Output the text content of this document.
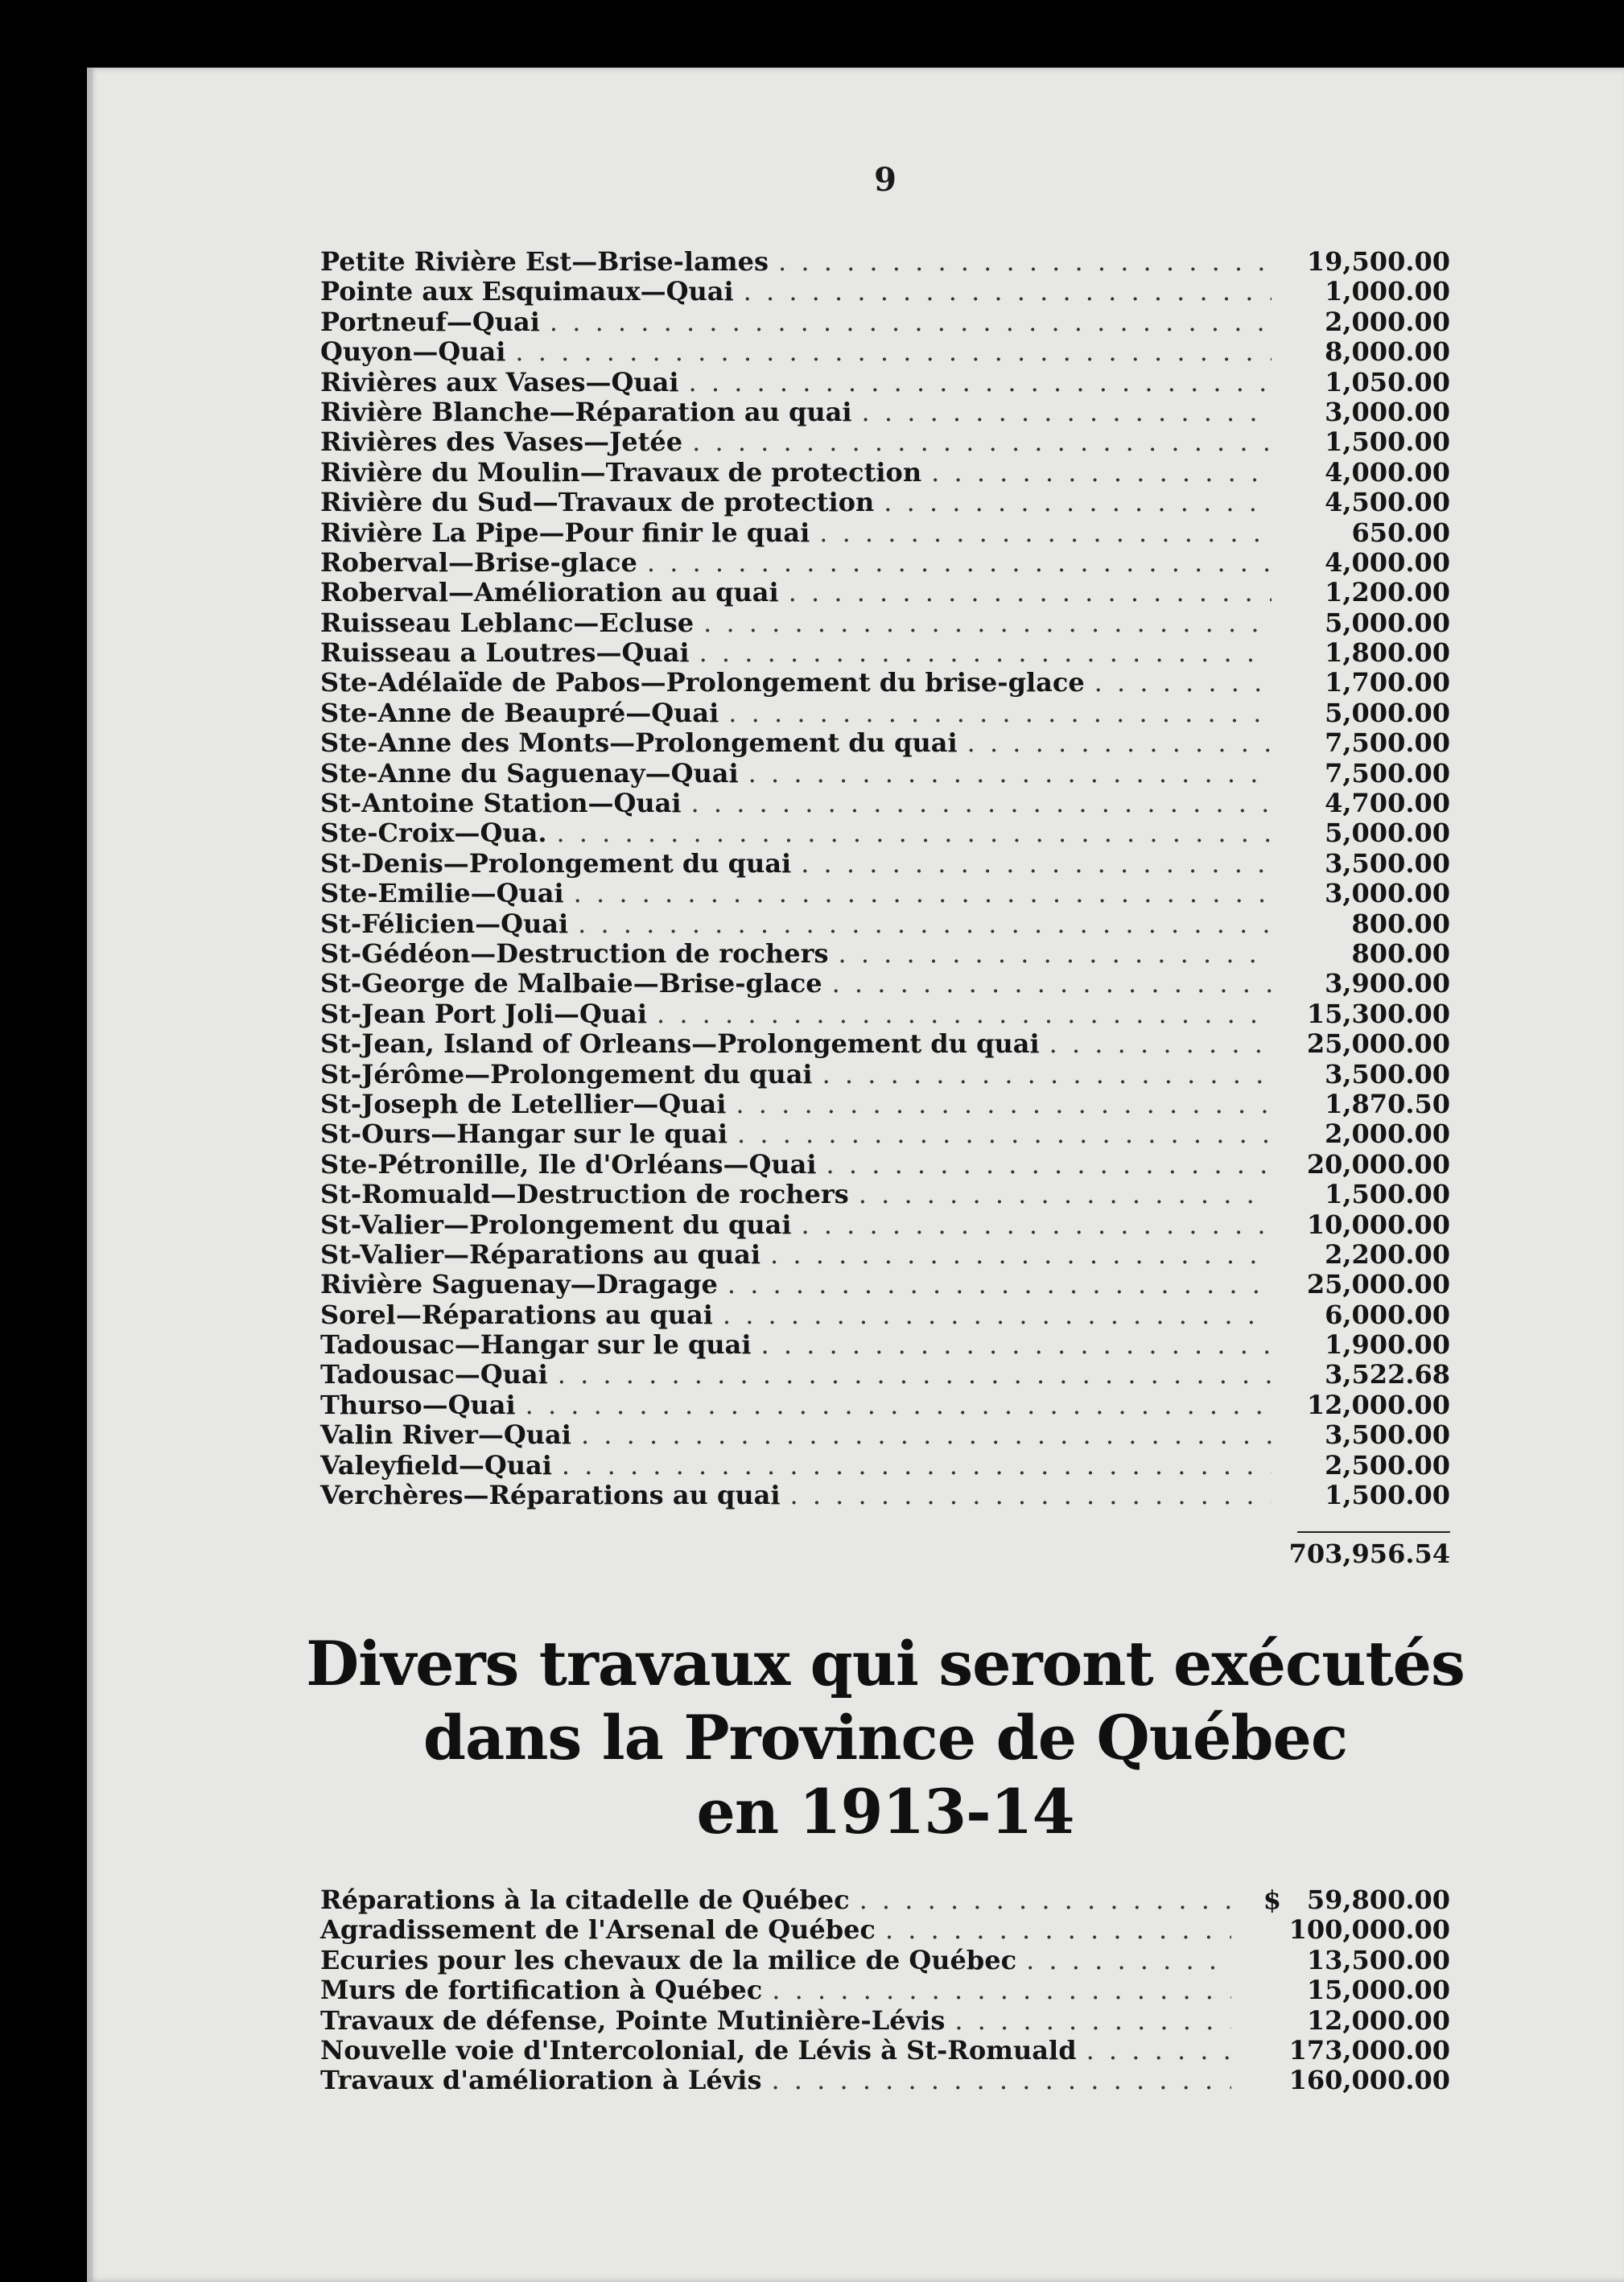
9
Petite Rivière Est—Brise-lames . . .	19,500.00
Pointe aux Esquimaux—Quai . . .	1,000.00
Portneuf—Quai . . .	2,000.00
Quyon—Quai . . .	8,000.00
Rivières aux Vases—Quai . . .	1,050.00
Rivière Blanche—Réparation au quai . . .	3,000.00
Rivières des Vases—Jetée . . .	1,500.00
Rivière du Moulin—Travaux de protection . . .	4,000.00
Rivière du Sud—Travaux de protection . . .	4,500.00
Rivière La Pipe—Pour finir le quai . . .	650.00
Roberval—Brise-glace . . .	4,000.00
Roberval—Amélioration au quai . . .	1,200.00
Ruisseau Leblanc—Ecluse . . .	5,000.00
Ruisseau a Loutres—Quai . . .	1,800.00
Ste-Adélaïde de Pabos—Prolongement du brise-glace . . .	1,700.00
Ste-Anne de Beaupré—Quai . . .	5,000.00
Ste-Anne des Monts—Prolongement du quai . . .	7,500.00
Ste-Anne du Saguenay—Quai . . .	7,500.00
St-Antoine Station—Quai . . .	4,700.00
Ste-Croix—Qua. . . .	5,000.00
St-Denis—Prolongement du quai . . .	3,500.00
Ste-Emilie—Quai . . .	3,000.00
St-Félicien—Quai . . .	800.00
St-Gédéon—Destruction de rochers . . .	800.00
St-George de Malbaie—Brise-glace . . .	3,900.00
St-Jean Port Joli—Quai . . .	15,300.00
St-Jean, Island of Orleans—Prolongement du quai . . .	25,000.00
St-Jérôme—Prolongement du quai . . .	3,500.00
St-Joseph de Letellier—Quai . . .	1,870.50
St-Ours—Hangar sur le quai . . .	2,000.00
Ste-Pétronille, Ile d'Orléans—Quai . . .	20,000.00
St-Romuald—Destruction de rochers . . .	1,500.00
St-Valier—Prolongement du quai . . .	10,000.00
St-Valier—Réparations au quai . . .	2,200.00
Rivière Saguenay—Dragage . . .	25,000.00
Sorel—Réparations au quai . . .	6,000.00
Tadousac—Hangar sur le quai . . .	1,900.00
Tadousac—Quai . . .	3,522.68
Thurso—Quai . . .	12,000.00
Valin River—Quai . . .	3,500.00
Valeyfield—Quai . . .	2,500.00
Verchères—Réparations au quai . . .	1,500.00
703,956.54
Divers travaux qui seront exécutés
dans la Province de Québec
en 1913-14
Réparations à la citadelle de Québec . . .	$ 59,800.00
Agradissement de l'Arsenal de Québec . . .	100,000.00
Ecuries pour les chevaux de la milice de Québec . . .	13,500.00
Murs de fortification à Québec . . .	15,000.00
Travaux de défense, Pointe Mutinière-Lévis . . .	12,000.00
Nouvelle voie d'Intercolonial, de Lévis à St-Romuald . . .	173,000.00
Travaux d'amélioration à Lévis . . .	160,000.00
